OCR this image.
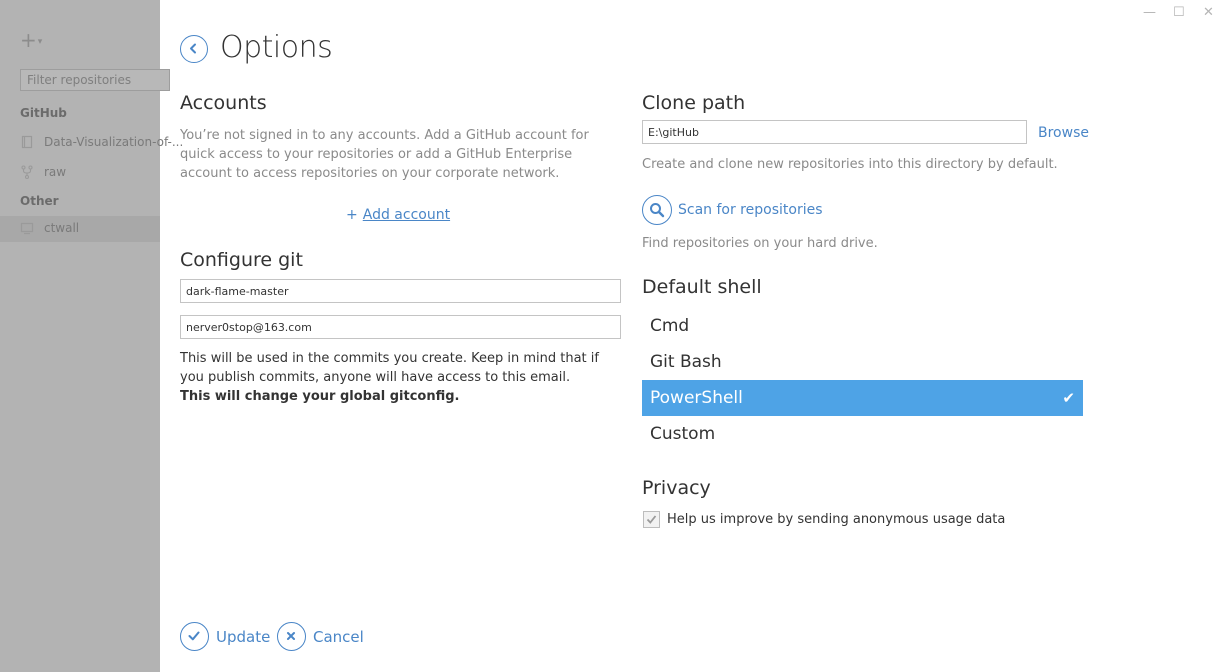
+▾
Filter repositories
GitHub
Data-Visualization-of-...
raw
Other
ctwall
— ☐ ✕
Options
Accounts
You’re not signed in to any accounts. Add a GitHub account for quick access to your repositories or add a GitHub Enterprise account to access repositories on your corporate network.
+ Add account
Configure git
dark-flame-master
nerver0stop@163.com
This will be used in the commits you create. Keep in mind that if you publish commits, anyone will have access to this email.
This will change your global gitconfig.
Clone path
E:\gitHub
Browse
Create and clone new repositories into this directory by default.
Scan for repositories
Find repositories on your hard drive.
Default shell
Cmd
Git Bash
PowerShell	✔
Custom
Privacy
Help us improve by sending anonymous usage data
Update	Cancel
